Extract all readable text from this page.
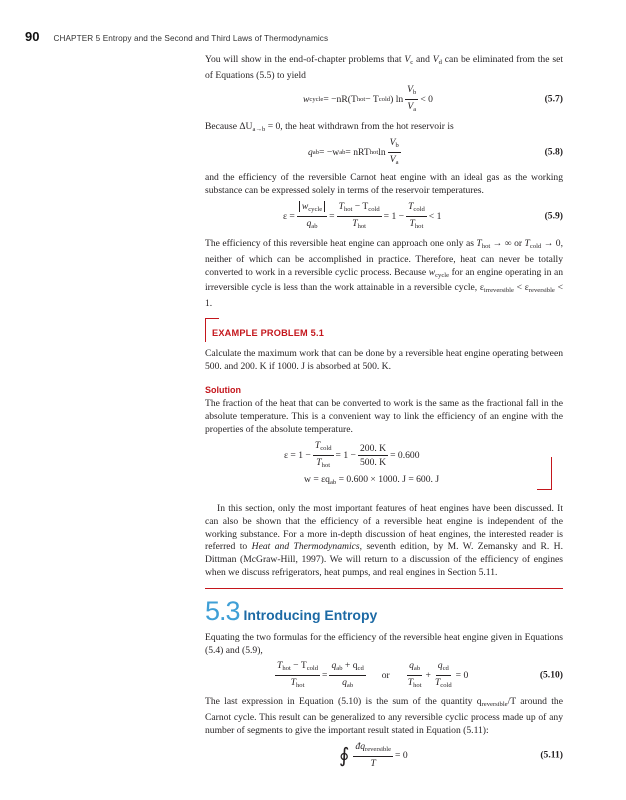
90 CHAPTER 5 Entropy and the Second and Third Laws of Thermodynamics
You will show in the end-of-chapter problems that $V_c$ and $V_d$ can be eliminated from the set of Equations (5.5) to yield
w cycle = −nR(T hot − T cold ) $\ln \frac{V_b}{V_a} < 0$	(5.7)
Because $\Delta U_{a\to b} = 0$, the heat withdrawn from the hot reservoir is
q ab = −w ab = nRT hot $\ln \frac{V_b}{V_a}$	(5.8)
and the efficiency of the reversible Carnot heat engine with an ideal gas as the working substance can be expressed solely in terms of the reservoir temperatures.
$\varepsilon = \frac{w_{cycle}}{q_{ab}} = \frac{T_{hot} - T_{cold}}{T_{hot}} = 1 - \frac{T_{cold}}{T_{hot}} < 1$	(5.9)
The efficiency of this reversible heat engine can approach one only as $T_{hot}$ → ∞ or $T_{cold} \to 0$, neither of which can be accomplished in practice. Therefore, heat can never be totally converted to work in a reversible cyclic process. Because $w_{cycle}$ for an engine operating in an irreversible cycle is less than the work attainable in a reversible cycle, $\varepsilon_{irreversible} < \varepsilon_{reversible} < 1$.
EXAMPLE PROBLEM 5.1
Calculate the maximum work that can be done by a reversible heat engine operating between 500. and 200. K if 1000. J is absorbed at 500. K.
Solution
The fraction of the heat that can be converted to work is the same as the fractional fall in the absolute temperature. This is a convenient way to link the efficiency of an engine with the properties of the absolute temperature.
$\varepsilon = 1 - \frac{T_{cold}}{T_{hot}} = 1 - \frac{200. K}{500. K} = 0.600$
$w = \varepsilon q_{ab} = 0.600 \times 1000$. J = 600. J
In this section, only the most important features of heat engines have been discussed. It can also be shown that the efficiency of a reversible heat engine is independent of the working substance. For a more in-depth discussion of heat engines, the interested reader is referred to Heat and Thermodynamics, seventh edition, by M. W. Zemansky and R. H. Dittman (McGraw-Hill, 1997). We will return to a discussion of the efficiency of engines when we discuss refrigerators, heat pumps, and real engines in Section 5.11.
5.3 Introducing Entropy
Equating the two formulas for the efficiency of the reversible heat engine given in Equations (5.4) and (5.9),
$\frac{T_{hot} - T_{cold}}{T_{hot}} = \frac{q_{ab} + q_{cd}}{q_{ab}}$ or $\frac{q_{ab}}{T_{hot}} + \frac{q_{cd}}{T_{cold}} = 0$	(5.10)
The last expression in Equation (5.10) is the sum of the quantity $q_{reversible}/T$ around the Carnot cycle. This result can be generalized to any reversible cyclic process made up of any number of segments to give the important result stated in Equation (5.11):
∮ $\frac{đq_{reversible}}{T} = 0$	(5.11)
